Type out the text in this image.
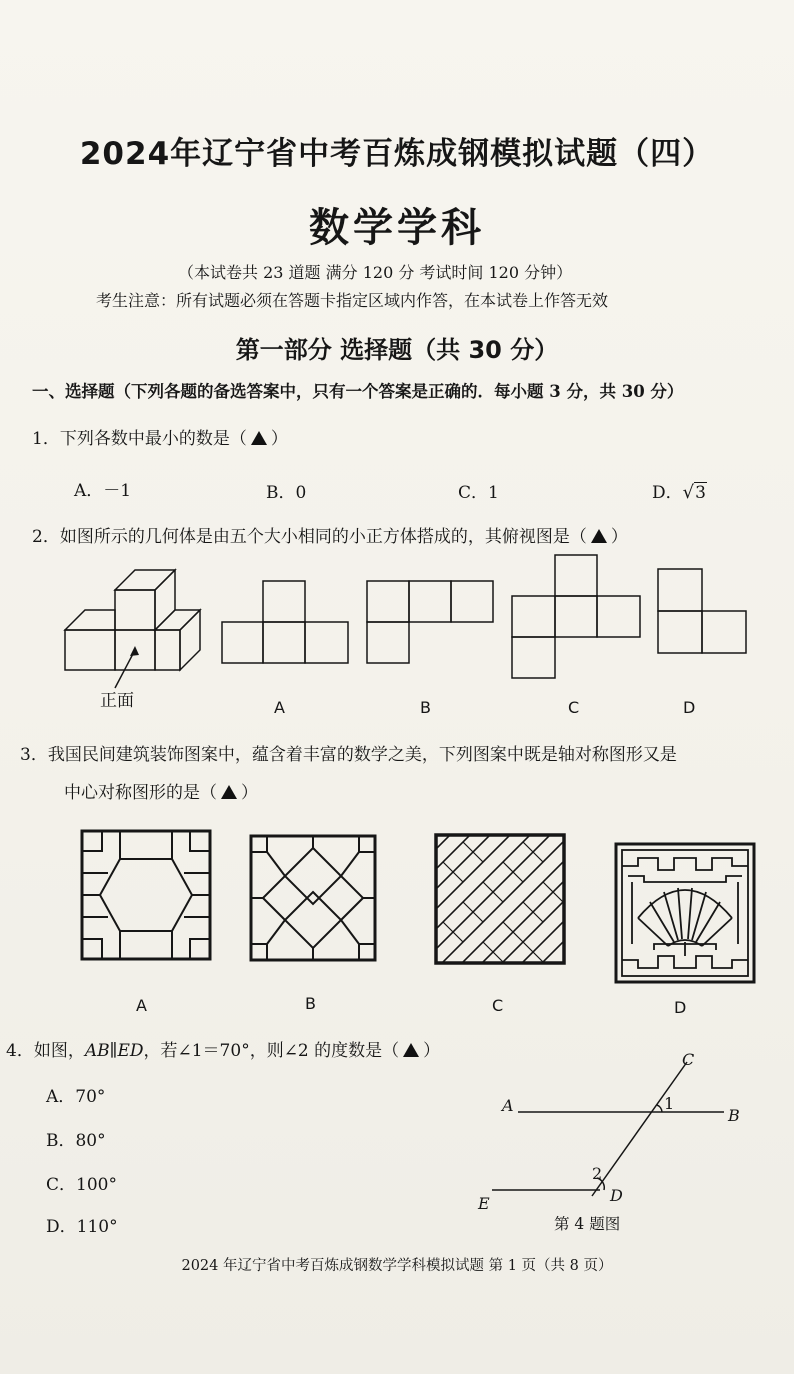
2024年辽宁省中考百炼成钢模拟试题（四）
数学学科
（本试卷共 23 道题 满分 120 分 考试时间 120 分钟）
考生注意：所有试题必须在答题卡指定区域内作答，在本试卷上作答无效
第一部分 选择题（共 30 分）
一、选择题（下列各题的备选答案中，只有一个答案是正确的．每小题 3 分，共 30 分）
1．下列各数中最小的数是（ ）
A．－1	B．0	C．1	D．√3
2．如图所示的几何体是由五个大小相同的小正方体搭成的，其俯视图是（ ）
正面	A	B	C	D
3．我国民间建筑装饰图案中，蕴含着丰富的数学之美，下列图案中既是轴对称图形又是
中心对称图形的是（ ）
A	B	C	D
4．如图，AB∥ED，若∠1＝70°，则∠2 的度数是（ ）
A．70°
B．80°
C．100°
D．110°
A
B
C
D
E
1
2
第 4 题图
2024 年辽宁省中考百炼成钢数学学科模拟试题 第 1 页（共 8 页）
